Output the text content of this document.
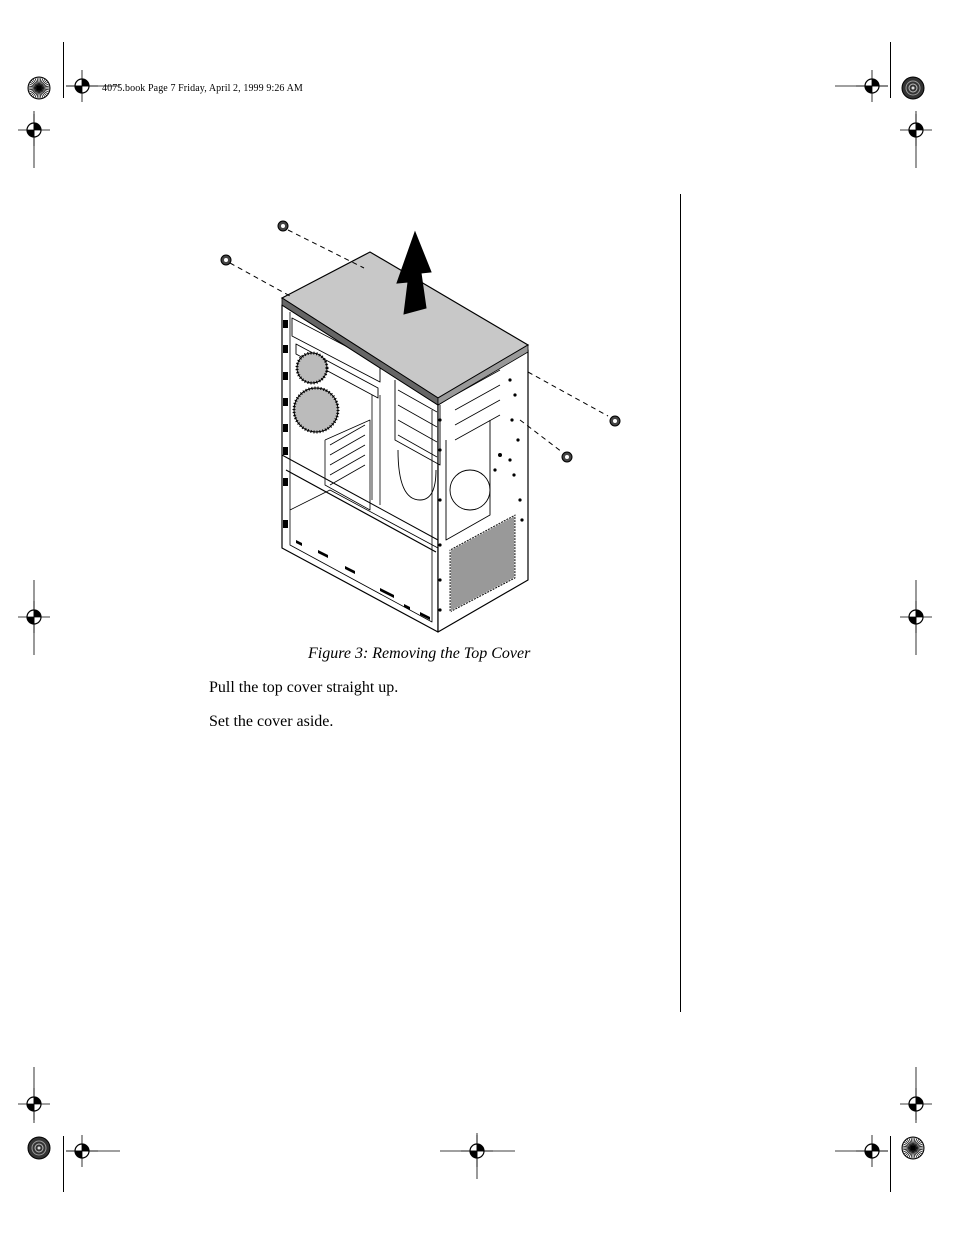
4075.book Page 7 Friday, April 2, 1999 9:26 AM
Figure 3: Removing the Top Cover
Pull the top cover straight up.
Set the cover aside.
